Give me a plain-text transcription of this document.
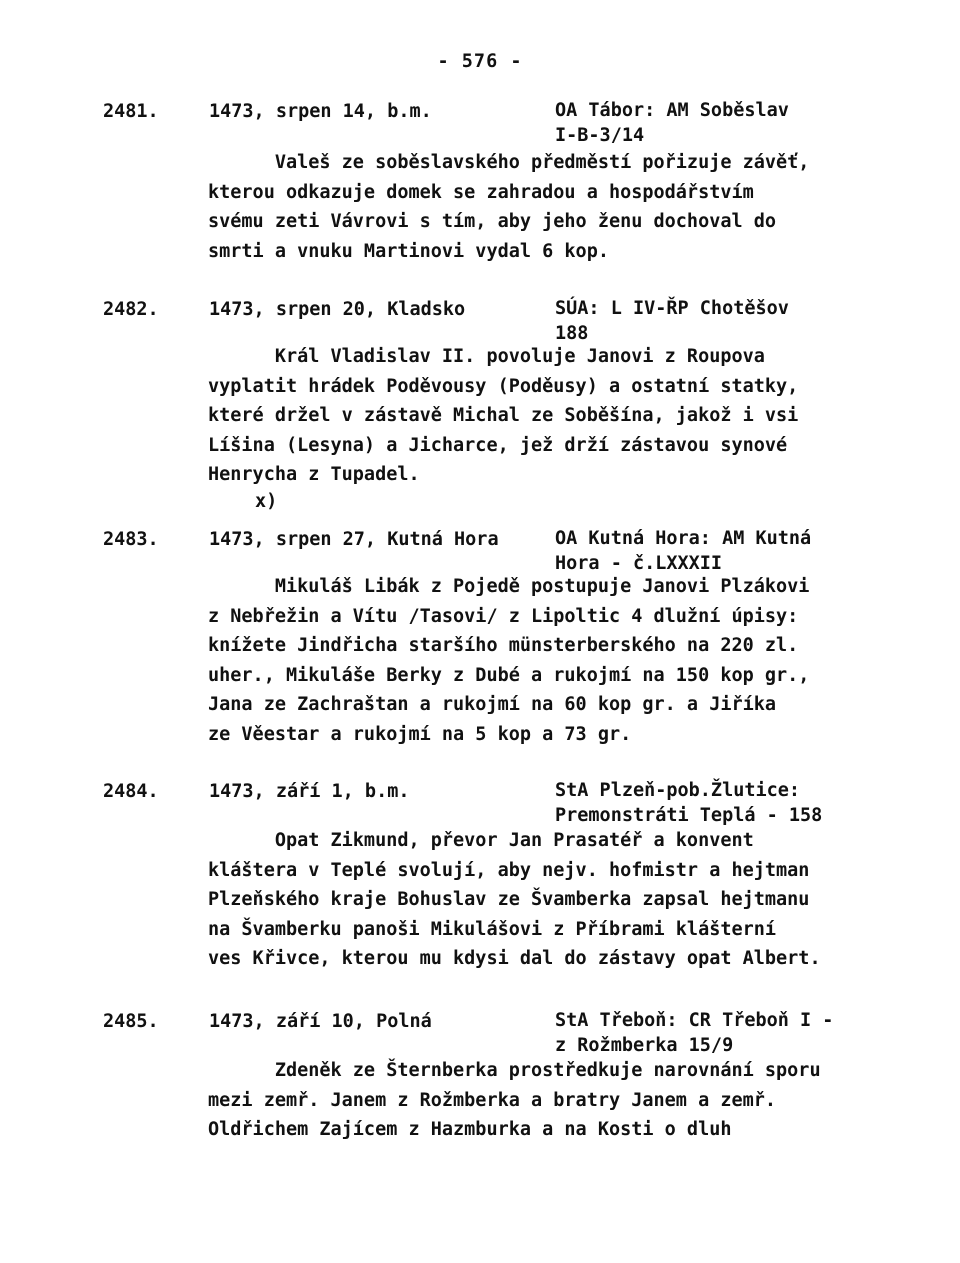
- 576 -
2481.	1473, srpen 14, b.m.	OA Tábor: AM Soběslav
I-B-3/14
Valeš ze soběslavského předměstí pořizuje závěť,
kterou odkazuje domek se zahradou a hospodářstvím
svému zeti Vávrovi s tím, aby jeho ženu dochoval do
smrti a vnuku Martinovi vydal 6 kop.
2482.	1473, srpen 20, Kladsko	SÚA: L IV-ŘP Chotěšov
188
Král Vladislav II. povoluje Janovi z Roupova
vyplatit hrádek Poděvousy (Poděusy) a ostatní statky,
které držel v zástavě Michal ze Soběšína, jakož i vsi
Líšina (Lesyna) a Jicharce, jež drží zástavou synové
Henrycha z Tupadel.
x)
2483.	1473, srpen 27, Kutná Hora	OA Kutná Hora: AM Kutná
Hora - č.LXXXII
Mikuláš Libák z Pojedě postupuje Janovi Plzákovi
z Nebřežin a Vítu /Tasovi/ z Lipoltic 4 dlužní úpisy:
knížete Jindřicha staršího münsterberského na 220 zl.
uher., Mikuláše Berky z Dubé a rukojmí na 150 kop gr.,
Jana ze Zachraštan a rukojmí na 60 kop gr. a Jiříka
ze Věestar a rukojmí na 5 kop a 73 gr.
2484.	1473, září 1, b.m.	StA Plzeň-pob.Žlutice:
Premonstráti Teplá - 158
Opat Zikmund, převor Jan Prasatéř a konvent
kláštera v Teplé svolují, aby nejv. hofmistr a hejtman
Plzeňského kraje Bohuslav ze Švamberka zapsal hejtmanu
na Švamberku panoši Mikulášovi z Příbrami klášterní
ves Křivce, kterou mu kdysi dal do zástavy opat Albert.
2485.	1473, září 10, Polná	StA Třeboň: CR Třeboň I -
z Rožmberka 15/9
Zdeněk ze Šternberka prostředkuje narovnání sporu
mezi zemř. Janem z Rožmberka a bratry Janem a zemř.
Oldřichem Zajícem z Hazmburka a na Kosti o dluh
